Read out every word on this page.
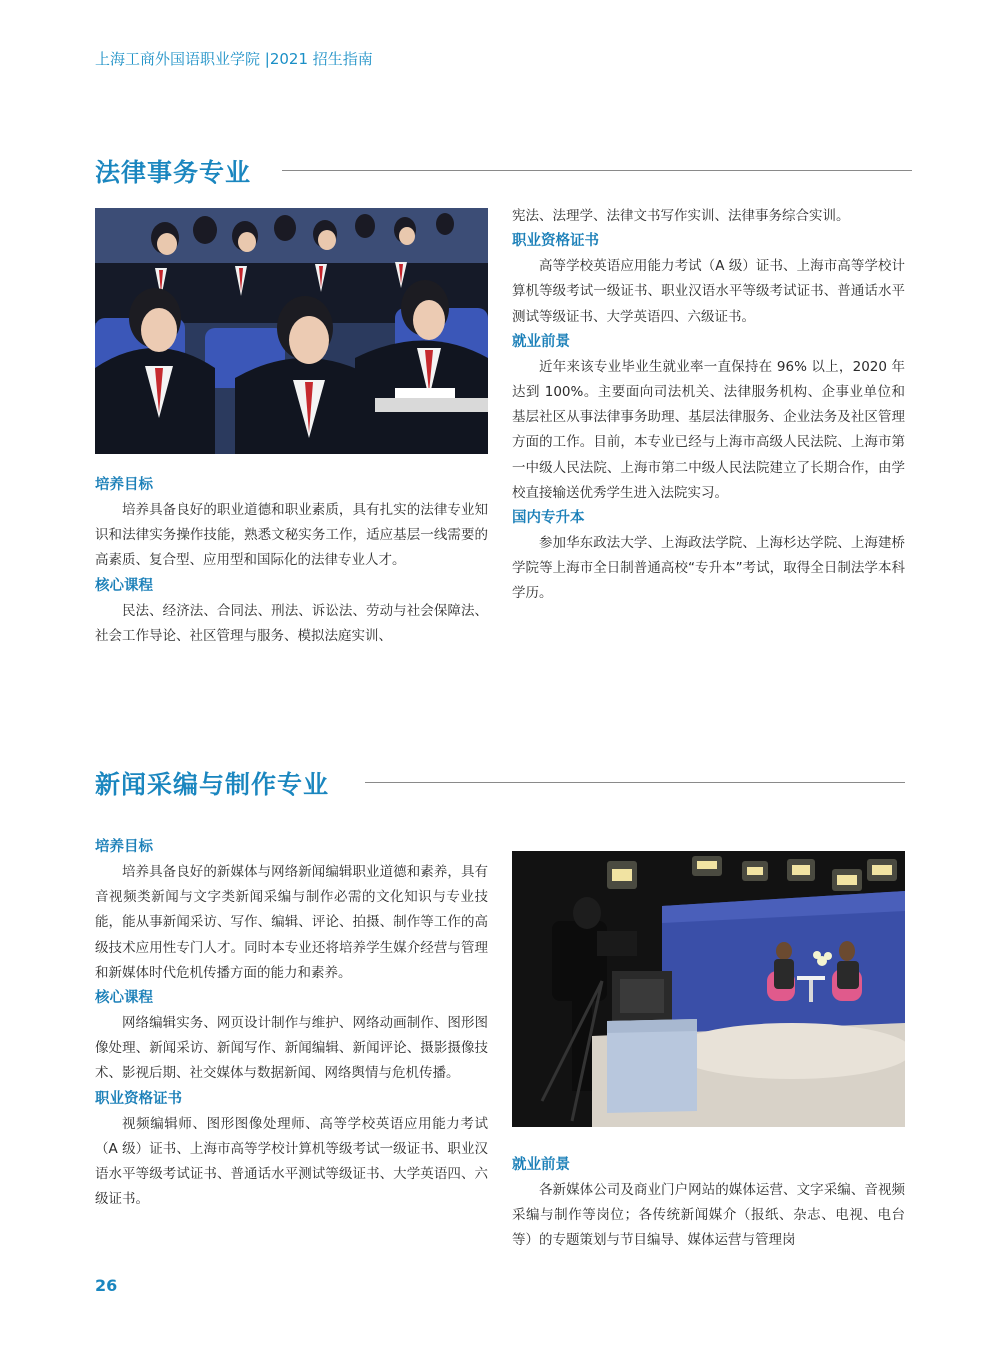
上海工商外国语职业学院 |2021 招生指南
法律事务专业
培养目标

培养具备良好的职业道德和职业素质，具有扎实的法律专业知识和法律实务操作技能，熟悉文秘实务工作，适应基层一线需要的高素质、复合型、应用型和国际化的法律专业人才。

核心课程

民法、经济法、合同法、刑法、诉讼法、劳动与社会保障法、社会工作导论、社区管理与服务、模拟法庭实训、

宪法、法理学、法律文书写作实训、法律事务综合实训。

职业资格证书

高等学校英语应用能力考试（A 级）证书、上海市高等学校计算机等级考试一级证书、职业汉语水平等级考试证书、普通话水平测试等级证书、大学英语四、六级证书。

就业前景

近年来该专业毕业生就业率一直保持在 96% 以上，2020 年达到 100%。主要面向司法机关、法律服务机构、企事业单位和基层社区从事法律事务助理、基层法律服务、企业法务及社区管理方面的工作。目前，本专业已经与上海市高级人民法院、上海市第一中级人民法院、上海市第二中级人民法院建立了长期合作，由学校直接输送优秀学生进入法院实习。

国内专升本

参加华东政法大学、上海政法学院、上海杉达学院、上海建桥学院等上海市全日制普通高校“专升本”考试，取得全日制法学本科学历。

新闻采编与制作专业
培养目标

培养具备良好的新媒体与网络新闻编辑职业道德和素养，具有音视频类新闻与文字类新闻采编与制作必需的文化知识与专业技能，能从事新闻采访、写作、编辑、评论、拍摄、制作等工作的高级技术应用性专门人才。同时本专业还将培养学生媒介经营与管理和新媒体时代危机传播方面的能力和素养。

核心课程

网络编辑实务、网页设计制作与维护、网络动画制作、图形图像处理、新闻采访、新闻写作、新闻编辑、新闻评论、摄影摄像技术、影视后期、社交媒体与数据新闻、网络舆情与危机传播。

职业资格证书

视频编辑师、图形图像处理师、高等学校英语应用能力考试（A 级）证书、上海市高等学校计算机等级考试一级证书、职业汉语水平等级考试证书、普通话水平测试等级证书、大学英语四、六级证书。

就业前景

各新媒体公司及商业门户网站的媒体运营、文字采编、音视频采编与制作等岗位；各传统新闻媒介（报纸、杂志、电视、电台等）的专题策划与节目编导、媒体运营与管理岗

26
